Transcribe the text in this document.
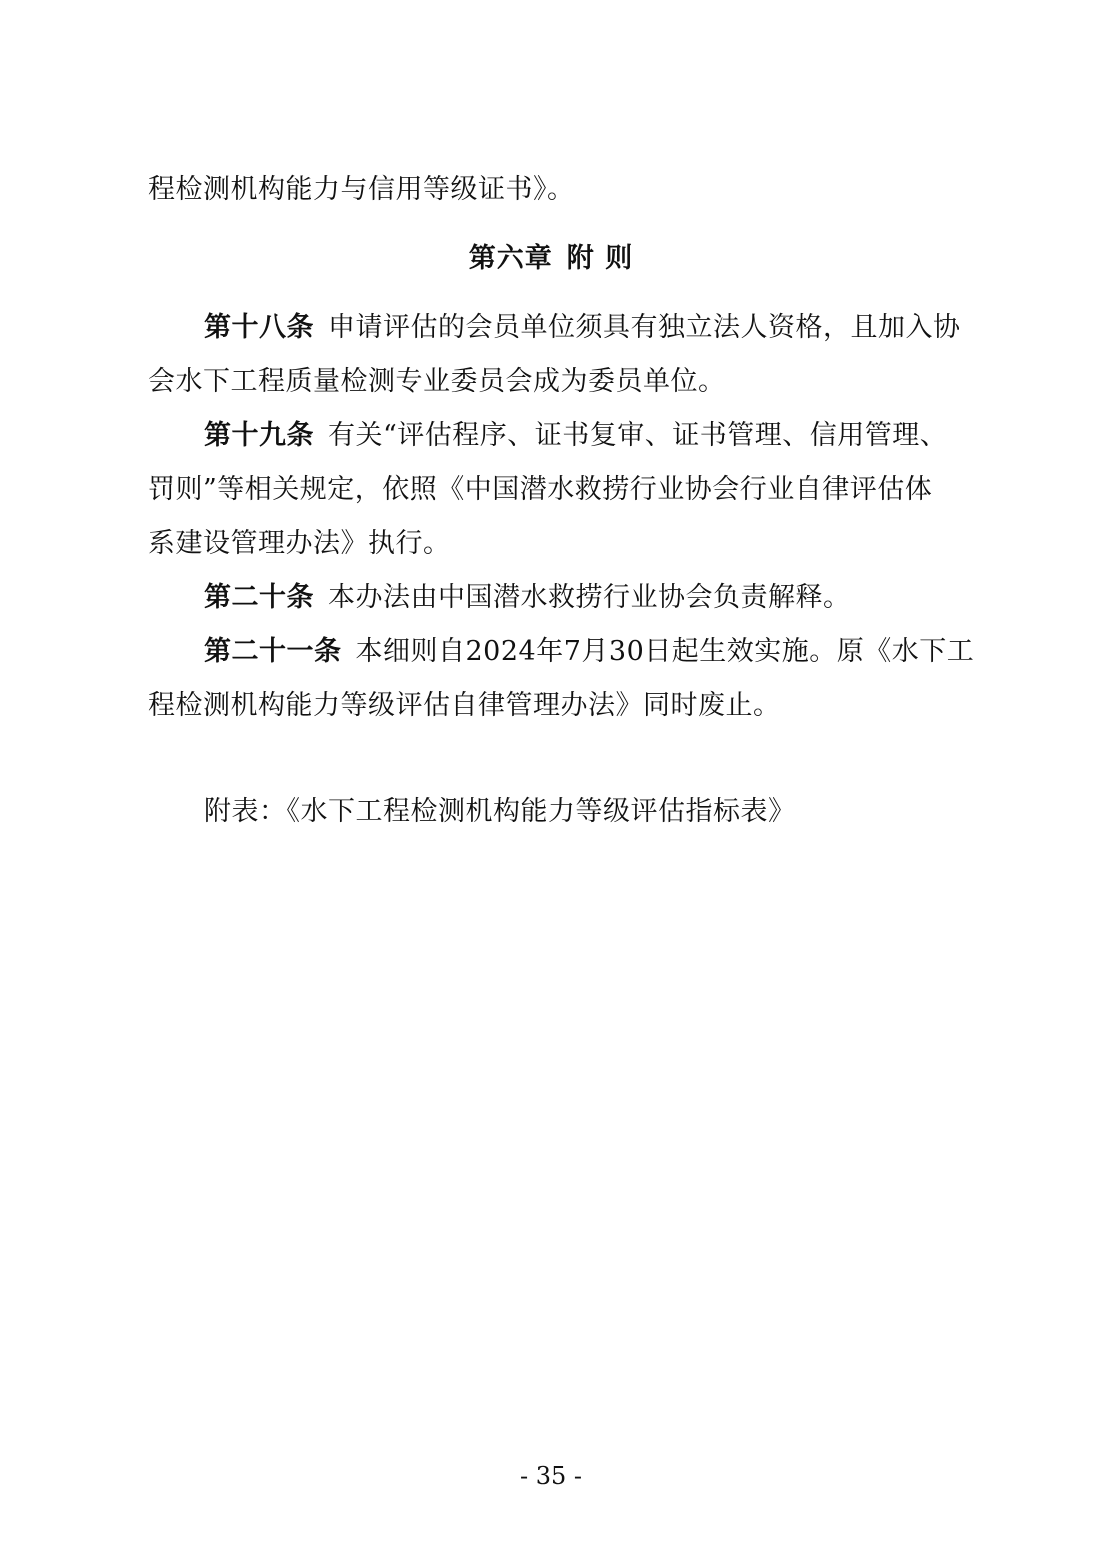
程检测机构能力与信用等级证书》。
第六章 附 则
第十八条 申请评估的会员单位须具有独立法人资格，且加入协
会水下工程质量检测专业委员会成为委员单位。
第十九条 有关“评估程序、证书复审、证书管理、信用管理、
罚则”等相关规定，依照《中国潜水救捞行业协会行业自律评估体
系建设管理办法》执行。
第二十条 本办法由中国潜水救捞行业协会负责解释。
第二十一条 本细则自2024年7月30日起生效实施。原《水下工
程检测机构能力等级评估自律管理办法》同时废止。
附表：《水下工程检测机构能力等级评估指标表》
- 35 -
